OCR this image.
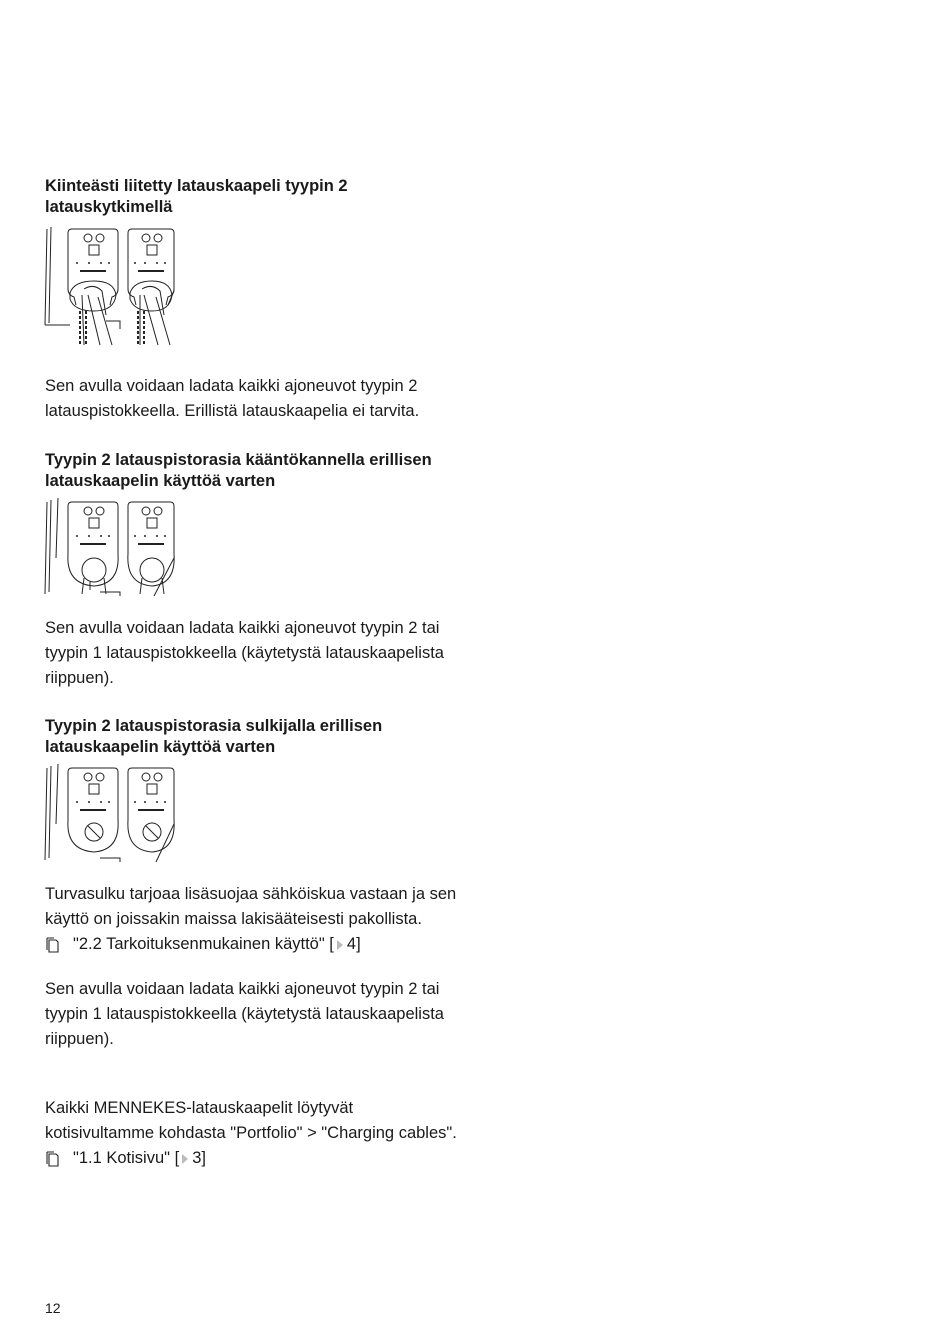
Kiinteästi liitetty latauskaapeli tyypin 2 latauskytkimellä

Sen avulla voidaan ladata kaikki ajoneuvot tyypin 2 latauspistokkeella. Erillistä latauskaapelia ei tarvita.

Tyypin 2 latauspistorasia kääntökannella erillisen latauskaapelin käyttöä varten

Sen avulla voidaan ladata kaikki ajoneuvot tyypin 2 tai tyypin 1 latauspistokkeella (käytetystä latauskaapelista riippuen).

Tyypin 2 latauspistorasia sulkijalla erillisen latauskaapelin käyttöä varten

Turvasulku tarjoaa lisäsuojaa sähköiskua vastaan ja sen käyttö on joissakin maissa lakisääteisesti pakollista.

"2.2 Tarkoituksenmukainen käyttö" [ 4]

Sen avulla voidaan ladata kaikki ajoneuvot tyypin 2 tai tyypin 1 latauspistokkeella (käytetystä latauskaapelista riippuen).

Kaikki MENNEKES-latauskaapelit löytyvät kotisivultamme kohdasta "Portfolio" > "Charging cables".

"1.1 Kotisivu" [ 3]
12
